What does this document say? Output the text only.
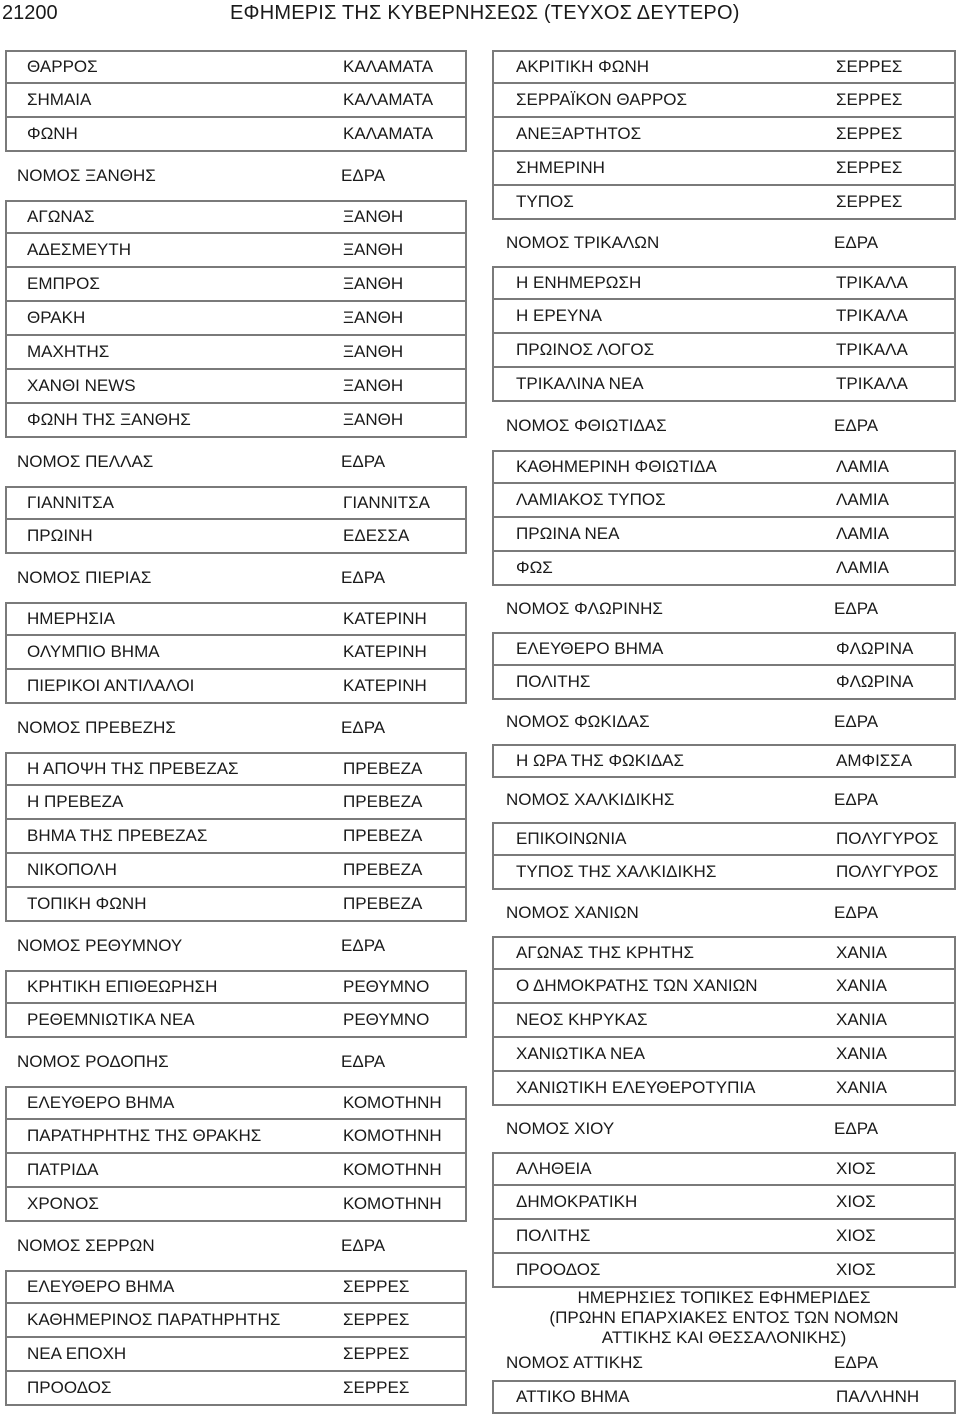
21200	ΕΦΗΜΕΡΙΣ ΤΗΣ ΚΥΒΕΡΝΗΣΕΩΣ (ΤΕΥΧΟΣ ΔΕΥΤΕΡΟ)
ΘΑΡΡΟΣ	ΚΑΛΑΜΑΤΑ
ΣΗΜΑΙΑ	ΚΑΛΑΜΑΤΑ
ΦΩΝΗ	ΚΑΛΑΜΑΤΑ
ΝΟΜΟΣ ΞΑΝΘΗΣ	ΕΔΡΑ
ΑΓΩΝΑΣ	ΞΑΝΘΗ
ΑΔΕΣΜΕΥΤΗ	ΞΑΝΘΗ
ΕΜΠΡΟΣ	ΞΑΝΘΗ
ΘΡΑΚΗ	ΞΑΝΘΗ
ΜΑΧΗΤΗΣ	ΞΑΝΘΗ
ΧΑΝΘΙ NEWS	ΞΑΝΘΗ
ΦΩΝΗ ΤΗΣ ΞΑΝΘΗΣ	ΞΑΝΘΗ
ΝΟΜΟΣ ΠΕΛΛΑΣ	ΕΔΡΑ
ΓΙΑΝΝΙΤΣΑ	ΓΙΑΝΝΙΤΣΑ
ΠΡΩΙΝΗ	ΕΔΕΣΣΑ
ΝΟΜΟΣ ΠΙΕΡΙΑΣ	ΕΔΡΑ
ΗΜΕΡΗΣΙΑ	ΚΑΤΕΡΙΝΗ
ΟΛΥΜΠΙΟ ΒΗΜΑ	ΚΑΤΕΡΙΝΗ
ΠΙΕΡΙΚΟΙ ΑΝΤΙΛΑΛΟΙ	ΚΑΤΕΡΙΝΗ
ΝΟΜΟΣ ΠΡΕΒΕΖΗΣ	ΕΔΡΑ
Η ΑΠΟΨΗ ΤΗΣ ΠΡΕΒΕΖΑΣ	ΠΡΕΒΕΖΑ
Η ΠΡΕΒΕΖΑ	ΠΡΕΒΕΖΑ
ΒΗΜΑ ΤΗΣ ΠΡΕΒΕΖΑΣ	ΠΡΕΒΕΖΑ
ΝΙΚΟΠΟΛΗ	ΠΡΕΒΕΖΑ
ΤΟΠΙΚΗ ΦΩΝΗ	ΠΡΕΒΕΖΑ
ΝΟΜΟΣ ΡΕΘΥΜΝΟΥ	ΕΔΡΑ
ΚΡΗΤΙΚΗ ΕΠΙΘΕΩΡΗΣΗ	ΡΕΘΥΜΝΟ
ΡΕΘΕΜΝΙΩΤΙΚΑ ΝΕΑ	ΡΕΘΥΜΝΟ
ΝΟΜΟΣ ΡΟΔΟΠΗΣ	ΕΔΡΑ
ΕΛΕΥΘΕΡΟ ΒΗΜΑ	ΚΟΜΟΤΗΝΗ
ΠΑΡΑΤΗΡΗΤΗΣ ΤΗΣ ΘΡΑΚΗΣ	ΚΟΜΟΤΗΝΗ
ΠΑΤΡΙΔΑ	ΚΟΜΟΤΗΝΗ
ΧΡΟΝΟΣ	ΚΟΜΟΤΗΝΗ
ΝΟΜΟΣ ΣΕΡΡΩΝ	ΕΔΡΑ
ΕΛΕΥΘΕΡΟ ΒΗΜΑ	ΣΕΡΡΕΣ
ΚΑΘΗΜΕΡΙΝΟΣ ΠΑΡΑΤΗΡΗΤΗΣ	ΣΕΡΡΕΣ
ΝΕΑ ΕΠΟΧΗ	ΣΕΡΡΕΣ
ΠΡΟΟΔΟΣ	ΣΕΡΡΕΣ
ΑΚΡΙΤΙΚΗ ΦΩΝΗ	ΣΕΡΡΕΣ
ΣΕΡΡΑΪΚΟΝ ΘΑΡΡΟΣ	ΣΕΡΡΕΣ
ΑΝΕΞΑΡΤΗΤΟΣ	ΣΕΡΡΕΣ
ΣΗΜΕΡΙΝΗ	ΣΕΡΡΕΣ
ΤΥΠΟΣ	ΣΕΡΡΕΣ
ΝΟΜΟΣ ΤΡΙΚΑΛΩΝ	ΕΔΡΑ
Η ΕΝΗΜΕΡΩΣΗ	ΤΡΙΚΑΛΑ
Η ΕΡΕΥΝΑ	ΤΡΙΚΑΛΑ
ΠΡΩΙΝΟΣ ΛΟΓΟΣ	ΤΡΙΚΑΛΑ
ΤΡΙΚΑΛΙΝΑ ΝΕΑ	ΤΡΙΚΑΛΑ
ΝΟΜΟΣ ΦΘΙΩΤΙΔΑΣ	ΕΔΡΑ
ΚΑΘΗΜΕΡΙΝΗ ΦΘΙΩΤΙΔΑ	ΛΑΜΙΑ
ΛΑΜΙΑΚΟΣ ΤΥΠΟΣ	ΛΑΜΙΑ
ΠΡΩΙΝΑ ΝΕΑ	ΛΑΜΙΑ
ΦΩΣ	ΛΑΜΙΑ
ΝΟΜΟΣ ΦΛΩΡΙΝΗΣ	ΕΔΡΑ
ΕΛΕΥΘΕΡΟ ΒΗΜΑ	ΦΛΩΡΙΝΑ
ΠΟΛΙΤΗΣ	ΦΛΩΡΙΝΑ
ΝΟΜΟΣ ΦΩΚΙΔΑΣ	ΕΔΡΑ
Η ΩΡΑ ΤΗΣ ΦΩΚΙΔΑΣ	ΑΜΦΙΣΣΑ
ΝΟΜΟΣ ΧΑΛΚΙΔΙΚΗΣ	ΕΔΡΑ
ΕΠΙΚΟΙΝΩΝΙΑ	ΠΟΛΥΓΥΡΟΣ
ΤΥΠΟΣ ΤΗΣ ΧΑΛΚΙΔΙΚΗΣ	ΠΟΛΥΓΥΡΟΣ
ΝΟΜΟΣ ΧΑΝΙΩΝ	ΕΔΡΑ
ΑΓΩΝΑΣ ΤΗΣ ΚΡΗΤΗΣ	ΧΑΝΙΑ
Ο ΔΗΜΟΚΡΑΤΗΣ ΤΩΝ ΧΑΝΙΩΝ	ΧΑΝΙΑ
ΝΕΟΣ ΚΗΡΥΚΑΣ	ΧΑΝΙΑ
ΧΑΝΙΩΤΙΚΑ ΝΕΑ	ΧΑΝΙΑ
ΧΑΝΙΩΤΙΚΗ ΕΛΕΥΘΕΡΟΤΥΠΙΑ	ΧΑΝΙΑ
ΝΟΜΟΣ ΧΙΟΥ	ΕΔΡΑ
ΑΛΗΘΕΙΑ	ΧΙΟΣ
ΔΗΜΟΚΡΑΤΙΚΗ	ΧΙΟΣ
ΠΟΛΙΤΗΣ	ΧΙΟΣ
ΠΡΟΟΔΟΣ	ΧΙΟΣ
ΗΜΕΡΗΣΙΕΣ ΤΟΠΙΚΕΣ ΕΦΗΜΕΡΙΔΕΣ
(ΠΡΩΗΝ ΕΠΑΡΧΙΑΚΕΣ ΕΝΤΟΣ ΤΩΝ ΝΟΜΩΝ
ΑΤΤΙΚΗΣ ΚΑΙ ΘΕΣΣΑΛΟΝΙΚΗΣ)
ΝΟΜΟΣ ΑΤΤΙΚΗΣ	ΕΔΡΑ
ΑΤΤΙΚΟ ΒΗΜΑ	ΠΑΛΛΗΝΗ
